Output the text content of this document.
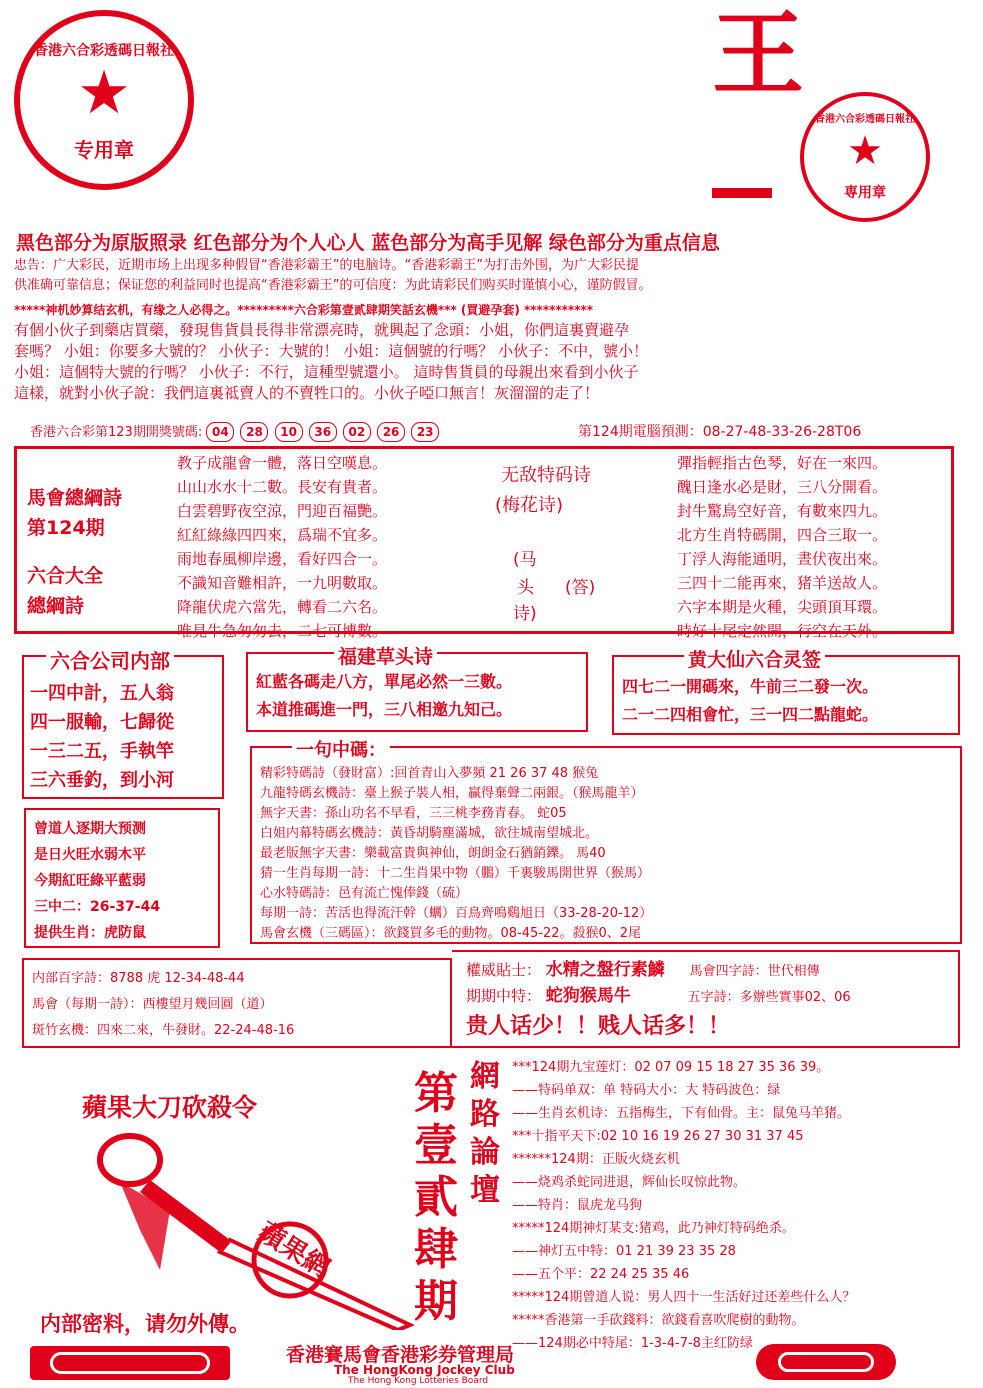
香港六合彩透碼日報社
★
专用章
王
香港六合彩透碼日報社
★
専用章
黑色部分为原版照录 红色部分为个人心人 蓝色部分为高手见解 绿色部分为重点信息
忠告：广大彩民，近期市场上出现多种假冒“香港彩霸王”的电脑诗。“香港彩霸王”为打击外围，为广大彩民提
供准确可靠信息；保证您的利益同时也提高“香港彩霸王”的可信度：为此请彩民们购买时谨慎小心，谨防假冒。
*****神机妙算结玄机，有缘之人必得之。*********六合彩第壹贰肆期笑話玄機*** (買避孕套) ***********
有個小伙子到藥店買藥，發現售貨員長得非常漂亮時，就興起了念頭：小姐，你們這裏賣避孕
套嗎？ 小姐：你要多大號的？ 小伙子：大號的！ 小姐：這個號的行嗎？ 小伙子：不中，號小！
小姐：這個特大號的行嗎？ 小伙子：不行，這種型號還小。 這時售貨員的母親出來看到小伙子
這樣，就對小伙子說：我們這裏祗賣人的不賣牲口的。小伙子啞口無言！灰溜溜的走了！
香港六合彩第123期開獎號碼: 04 28 10 36 02 26 23	第124期電腦預測：08-27-48-33-26-28T06
馬會總綱詩
第124期
六合大全
總綱詩
教子成龍會一體，落日空嘆息。
山山水水十二數。長安有貴者。
白雲碧野夜空涼，門迎百福艷。
紅紅綠綠四四來，爲瑞不宜多。
雨地春風柳岸邊，看好四合一。
不識知音難相許，一九明數取。
降龍伏虎六當先，轉看二六名。
唯見牛急匆匆去，二七可博數。
无敌特码诗
(梅花诗)
(马
头
诗)
(答)
彈指輕指古色琴，好在一來四。
醜日逢水必是財，三八分開看。
封牛驚鳥空好音，有數來四九。
北方生肖特碼開，四合三取一。
丁浮人海能通明，晝伏夜出來。
三四十二能再來，猪羊送故人。
六字本期是火種，尖頭頂耳環。
時好十尾定然開，行空在天外。
六合公司内部
一四中計，五人翁
四一服輸，七歸從
一三二五，手執竿
三六垂釣，到小河
福建草头诗
紅藍各碼走八方，單尾必然一三數。
本道推碼進一門，三八相邀九知己。
黄大仙六合灵签
四七二一開碼來，牛前三二發一次。
二一二四相會忙，三一四二點龍蛇。
一句中碼：
精彩特碼詩（發財富）:回首青山入夢頻 21 26 37 48 猴兔
九龍特碼玄機詩：臺上猴子裝人相，贏得棄聲二兩銀。（猴馬龍羊）
無字天書：孫山功名不早看，三三桃李務青春。 蛇05
白姐内幕特碼玄機詩：黃昏胡騎塵滿城，欲往城南望城北。
最老版無字天書：樂載富貴與神仙，朗朗金石猶銷鑠。 馬40
猜一生肖每期一詩：十二生肖果中物（鵬）千裏駿馬開世界（猴馬）
心水特碼詩：邑有流亡愧俸錢（硫）
每期一詩：苦活也得流汗幹（蠣）百鳥齊鳴鷄旭日（33-28-20-12）
馬會玄機（三碼區）：欲錢買多毛的動物。08-45-22。殺猴0、2尾
曾道人逐期大预测
是日火旺水弱木平
今期紅旺綠平藍弱
三中二：26-37-44
提供生肖：虎防鼠
内部百字詩：8788 虎 12-34-48-44
馬會（每期一詩）：西樓望月幾回圓（道）
斑竹玄機：四來二來，牛發財。22-24-48-16
權威貼士： 水精之盤行素鱗 馬會四字詩：世代相傳
期期中特： 蛇狗猴馬牛	五字詩：多辦些實事02、06
贵人话少！！贱人话多！！
蘋果大刀砍殺令
蘋果網
内部密料，请勿外傳。
網路論壇
第壹貳肆期
***124期九宝莲灯：02 07 09 15 18 27 35 36 39。
——特码单双：单 特码大小：大 特码波色：绿
——生肖玄机诗：五指梅生，下有仙骨。主：鼠兔马羊猪。
***十指平天下:02 10 16 19 26 27 30 31 37 45
******124期：正版火烧玄机
——烧鸡杀蛇同进退，辉仙长叹惊此物。
——特肖：鼠虎龙马狗
*****124期神灯某支:猪鸡，此乃神灯特码绝杀。
——神灯五中特：01 21 39 23 35 28
——五个平：22 24 25 35 46
*****124期曾道人说：男人四十一生活好过还差些什么人？
*****香港第一手砍錢料：欲錢看喜吹爬樹的動物。
——124期必中特尾：1-3-4-7-8主红防绿
香港賽馬會香港彩券管理局
The HongKong Jockey Club
The Hong Kong Lotteries Board
